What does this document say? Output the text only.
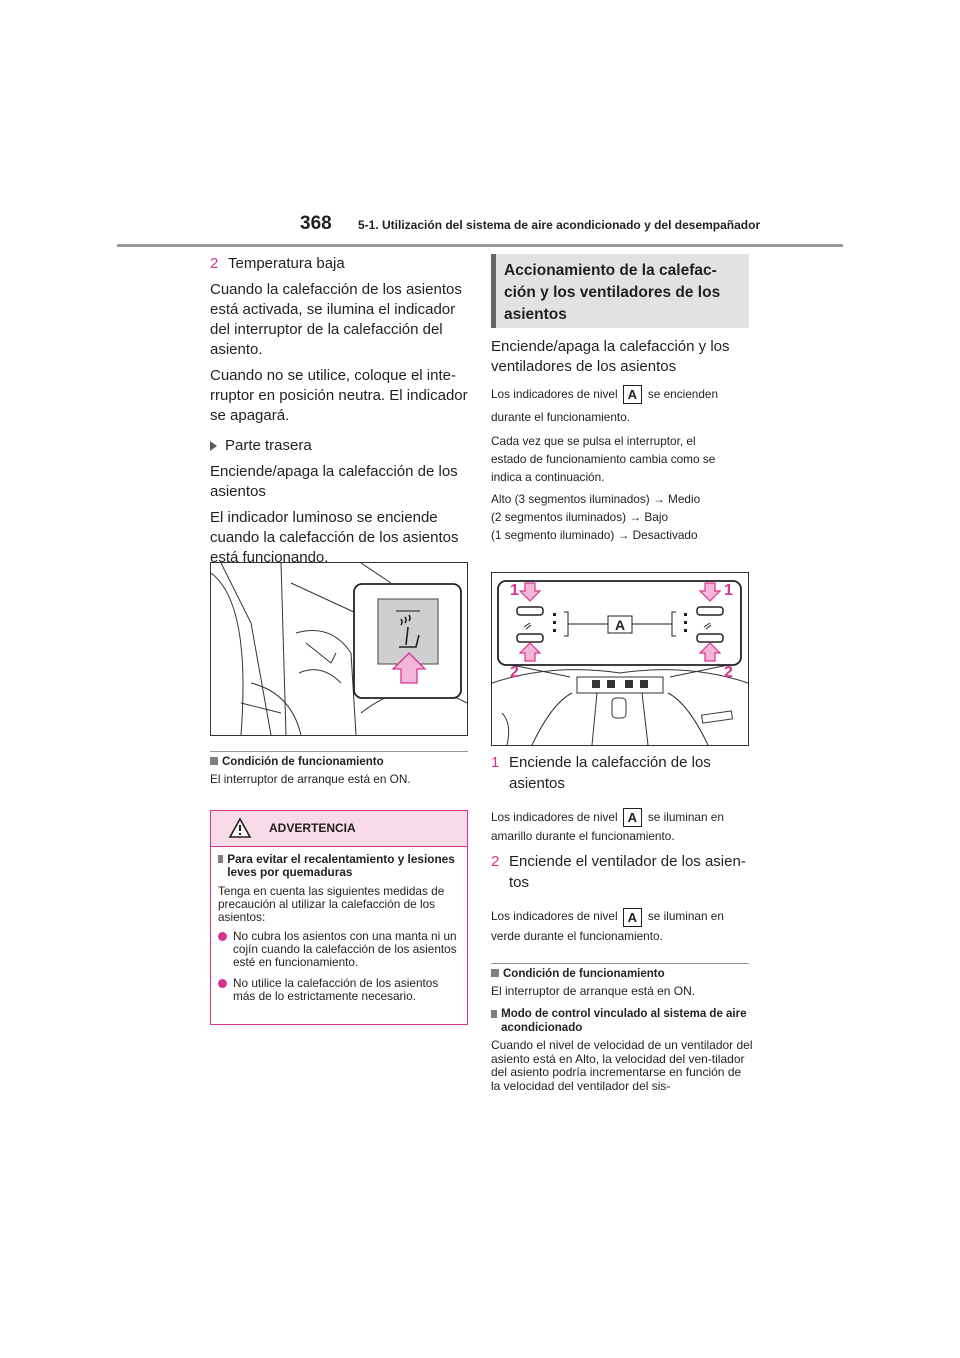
368 5-1. Utilización del sistema de aire acondicionado y del desempañador

2 Temperatura baja

Cuando la calefacción de los asientos está activada, se ilumina el indicador del interruptor de la calefacción del asiento.

Cuando no se utilice, coloque el inte-rruptor en posición neutra. El indicador se apagará.

Parte trasera

Enciende/apaga la calefacción de los asientos

El indicador luminoso se enciende cuando la calefacción de los asientos está funcionando.

Condición de funcionamiento
El interruptor de arranque está en ON.
ADVERTENCIA
Para evitar el recalentamiento y lesiones leves por quemaduras
Tenga en cuenta las siguientes medidas de precaución al utilizar la calefacción de los asientos:
No cubra los asientos con una manta ni un cojín cuando la calefacción de los asientos esté en funcionamiento.
No utilice la calefacción de los asientos más de lo estrictamente necesario.
Accionamiento de la calefac-ción y los ventiladores de los asientos

Enciende/apaga la calefacción y los ventiladores de los asientos

Los indicadores de nivel A se encienden
durante el funcionamiento.
Cada vez que se pulsa el interruptor, el
estado de funcionamiento cambia como se
indica a continuación.
Alto (3 segmentos iluminados) → Medio
(2 segmentos iluminados) → Bajo
(1 segmento iluminado) → Desactivado
A
1	1
2	2
1 Enciende la calefacción de los
asientos
Los indicadores de nivel A se iluminan en
amarillo durante el funcionamiento.
2 Enciende el ventilador de los asien-
tos
Los indicadores de nivel A se iluminan en
verde durante el funcionamiento.
Condición de funcionamiento
El interruptor de arranque está en ON.
Modo de control vinculado al sistema de aire acondicionado
Cuando el nivel de velocidad de un ventilador del asiento está en Alto, la velocidad del ven-tilador del asiento podría incrementarse en función de la velocidad del ventilador del sis-
